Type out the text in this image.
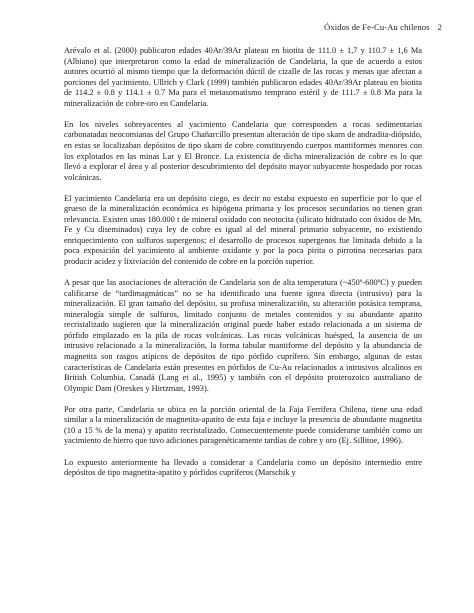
Óxidos de Fe-Cu-Au chilenos 2

Arévalo et al. (2000) publicaron edades 40Ar/39Ar plateau en biotita de 111.0 ± 1,7 y 110.7 ± 1,6 Ma (Albiano) que interpretaron como la edad de mineralización de Candelaria, la que de acuerdo a estos autores ocurrió al mismo tiempo que la deformación dúctil de cizalle de las rocas y menas que afectan a porciones del yacimiento. Ullrich y Clark (1999) también publicaron edades 40Ar/39Ar plateau en biotita de 114.2 ± 0.8 y 114.1 ± 0.7 Ma para el metasomatismo temprano estéril y de 111.7 ± 0.8 Ma para la mineralización de cobre-oro en Candelaria.

En los niveles sobreyacentes al yacimiento Candelaria que corresponden a rocas sedimentarias carbonatadas neocomianas del Grupo Chañarcillo presentan alteración de tipo skarn de andradita-diópsido, en estas se localizaban depósitos de tipo skarn de cobre constituyendo cuerpos mantiformes menores con los explotados en las minas Lar y El Bronce. La existencia de dicha mineralización de cobre es lo que llevó a explorar el área y al posterior descubrimiento del depósito mayor subyacente hospedado por rocas volcánicas.

El yacimiento Candelaria era un depósito ciego, es decir no estaba expuesto en superficie por lo que el grueso de la mineralización económica es hipógena primaria y los procesos secundarios no tienen gran relevancia. Existen unas 180.000 t de mineral oxidado con neotocita (silicato hidratado con óxidos de Mn, Fe y Cu diseminados) cuya ley de cobre es igual al del mineral primario subyacente, no existiendo enriquecimiento con sulfuros supergenos; el desarrollo de procesos supergenos fue limitada debido a la poca exposición del yacimiento al ambiente oxidante y por la poca pirita o pirrotina necesarias para producir acidez y lixiviación del contenido de cobre en la porción superior.

A pesar que las asociaciones de alteración de Candelaria son de alta temperatura (~450º-600ºC) y pueden calificarse de “tardimagmáticas” no se ha identificado una fuente ígnea directa (intrusivo) para la mineralización. El gran tamaño del depósito, su profusa mineralización, su alteración potásica temprana, mineralogía simple de sulfuros, limitado conjunto de metales contenidos y su abundante apatito recristalizado sugieren que la mineralización original puede haber estado relacionada a un sistema de pórfido emplazado en la pila de rocas volcánicas. Las rocas volcánicas huésped, la ausencia de un intrusivo relacionado a la mineralización, la forma tabular mantiforme del depósito y la abundancia de magnetita son rasgos atípicos de depósitos de tipo pórfido cuprífero. Sin embargo, algunas de estas características de Candelaria están presentes en pórfidos de Cu-Au relacionados a intrusivos alcalinos en British Columbia, Canadá (Lang et al., 1995) y también con el depósito proterozoico australiano de Olympic Dam (Oreskes y Hirtzman, 1993).

Por otra parte, Candelaria se ubica en la porción oriental de la Faja Ferrífera Chilena, tiene una edad similar a la mineralización de magnetita-apatito de esta faja e incluye la presencia de abundante magnetita (10 a 15 % de la mena) y apatito recristalizado. Consecuentemente puede considerarse también como un yacimiento de hierro que tuvo adiciones paragenéticamente tardías de cobre y oro (Ej. Sillitoe, 1996).

Lo expuesto anteriormente ha llevado a considerar a Candelaria como un depósito intermedio entre depósitos de tipo magnetita-apatito y pórfidos cupríferos (Marschik y
